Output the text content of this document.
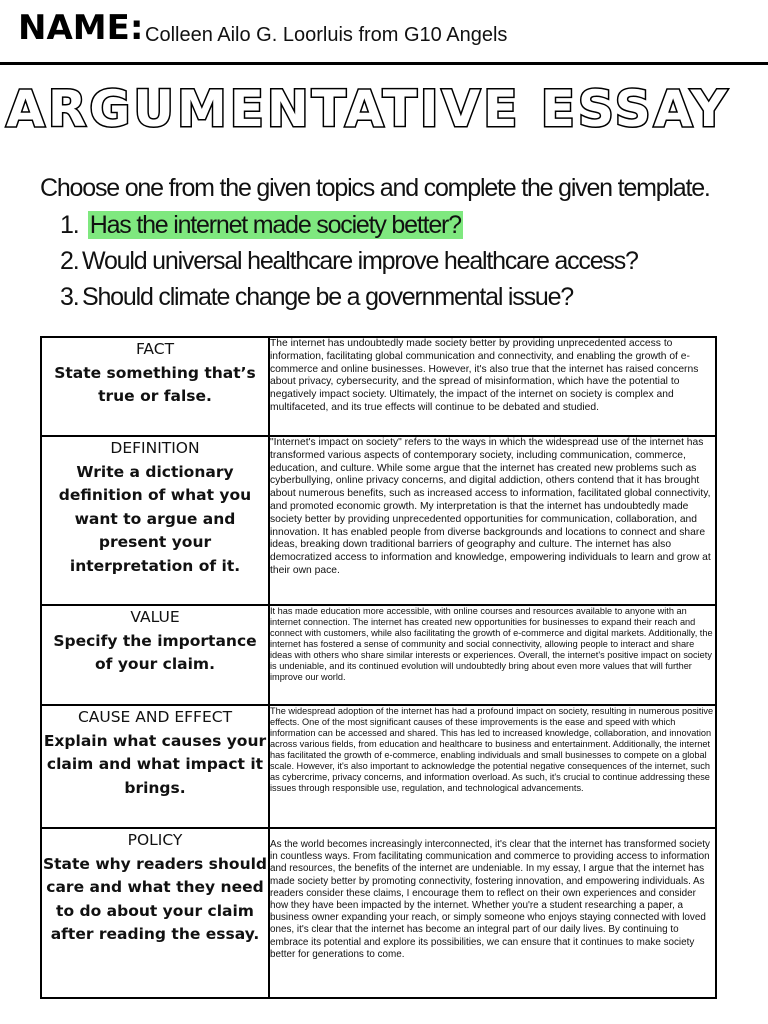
NAME: Colleen Ailo G. Loorluis from G10 Angels
ARGUMENTATIVE ESSAY
Choose one from the given topics and complete the given template.
1. Has the internet made society better?
2. Would universal healthcare improve healthcare access?
3. Should climate change be a governmental issue?
FACT
State something that’s true or false.	The internet has undoubtedly made society better by providing unprecedented access to information, facilitating global communication and connectivity, and enabling the growth of e-commerce and online businesses. However, it's also true that the internet has raised concerns about privacy, cybersecurity, and the spread of misinformation, which have the potential to negatively impact society. Ultimately, the impact of the internet on society is complex and multifaceted, and its true effects will continue to be debated and studied.

DEFINITION
Write a dictionary definition of what you want to argue and present your interpretation of it.	"Internet's impact on society" refers to the ways in which the widespread use of the internet has transformed various aspects of contemporary society, including communication, commerce, education, and culture. While some argue that the internet has created new problems such as cyberbullying, online privacy concerns, and digital addiction, others contend that it has brought about numerous benefits, such as increased access to information, facilitated global connectivity, and promoted economic growth. My interpretation is that the internet has undoubtedly made society better by providing unprecedented opportunities for communication, collaboration, and innovation. It has enabled people from diverse backgrounds and locations to connect and share ideas, breaking down traditional barriers of geography and culture. The internet has also democratized access to information and knowledge, empowering individuals to learn and grow at their own pace.

VALUE
Specify the importance of your claim.	It has made education more accessible, with online courses and resources available to anyone with an internet connection. The internet has created new opportunities for businesses to expand their reach and connect with customers, while also facilitating the growth of e-commerce and digital markets. Additionally, the internet has fostered a sense of community and social connectivity, allowing people to interact and share ideas with others who share similar interests or experiences. Overall, the internet's positive impact on society is undeniable, and its continued evolution will undoubtedly bring about even more values that will further improve our world.

CAUSE AND EFFECT
Explain what causes your claim and what impact it brings.	The widespread adoption of the internet has had a profound impact on society, resulting in numerous positive effects. One of the most significant causes of these improvements is the ease and speed with which information can be accessed and shared. This has led to increased knowledge, collaboration, and innovation across various fields, from education and healthcare to business and entertainment. Additionally, the internet has facilitated the growth of e-commerce, enabling individuals and small businesses to compete on a global scale. However, it's also important to acknowledge the potential negative consequences of the internet, such as cybercrime, privacy concerns, and information overload. As such, it's crucial to continue addressing these issues through responsible use, regulation, and technological advancements.

POLICY
State why readers should care and what they need to do about your claim after reading the essay.	As the world becomes increasingly interconnected, it's clear that the internet has transformed society in countless ways. From facilitating communication and commerce to providing access to information and resources, the benefits of the internet are undeniable. In my essay, I argue that the internet has made society better by promoting connectivity, fostering innovation, and empowering individuals. As readers consider these claims, I encourage them to reflect on their own experiences and consider how they have been impacted by the internet. Whether you're a student researching a paper, a business owner expanding your reach, or simply someone who enjoys staying connected with loved ones, it's clear that the internet has become an integral part of our daily lives. By continuing to embrace its potential and explore its possibilities, we can ensure that it continues to make society better for generations to come.
